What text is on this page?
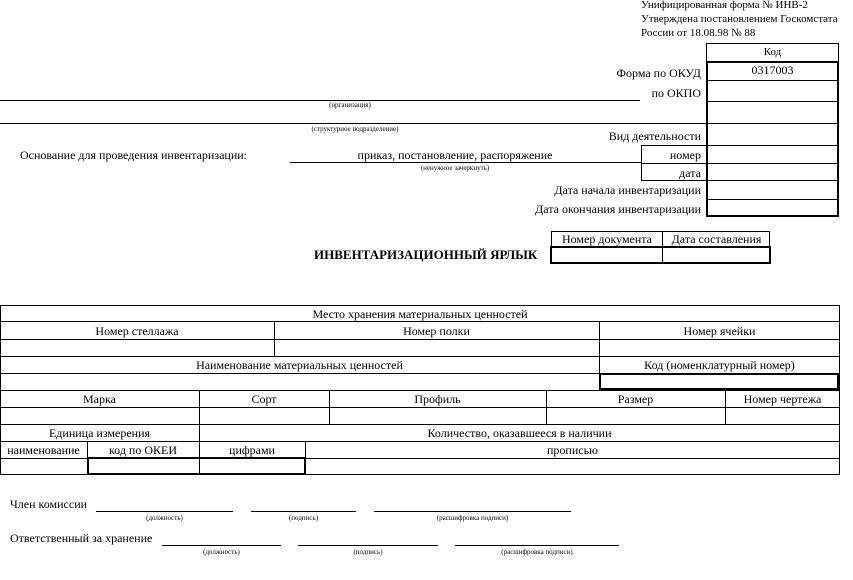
Унифицированная форма № ИНВ-2
Утверждена постановлением Госкомстата
России от 18.08.98 № 88
Код
0317003
Форма по ОКУД
по ОКПО
Вид деятельности
номер
дата
Дата начала инвентаризации
Дата окончания инвентаризации
(организация)
(структурное подразделение)
Основание для проведения инвентаризации:	приказ, постановление, распоряжение
(ненужное зачеркнуть)
ИНВЕНТАРИЗАЦИОННЫЙ ЯРЛЫК
Номер документа	Дата составления
Место хранения материальных ценностей
Номер стеллажа	Номер полки	Номер ячейки
Наименование материальных ценностей	Код (номенклатурный номер)
Марка	Сорт	Профиль	Размер	Номер чертежа
Единица измерения	Количество, оказавшееся в наличии
наименование	код по ОКЕИ	цифрами	прописью
Член комиссии
(должность)	(подпись)	(расшифровка подписи)
Ответственный за хранение
(должность)	(подпись)	(расшифровка подписи)
